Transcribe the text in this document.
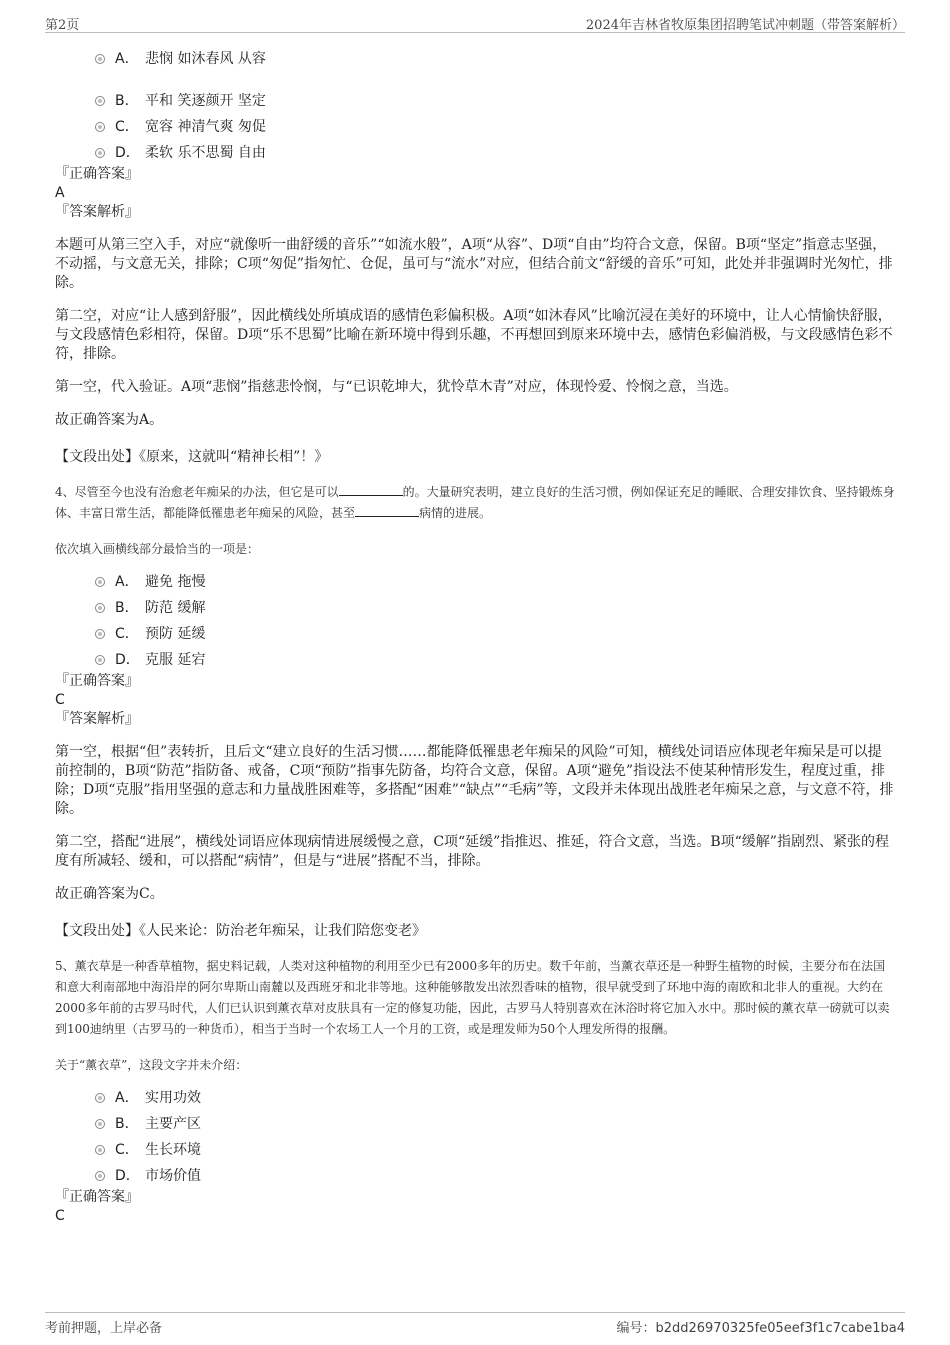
第2页	2024年吉林省牧原集团招聘笔试冲刺题（带答案解析）
A． 悲悯 如沐春风 从容
B． 平和 笑逐颜开 坚定
C． 宽容 神清气爽 匆促
D． 柔软 乐不思蜀 自由
『正确答案』
A
『答案解析』

本题可从第三空入手，对应“就像听一曲舒缓的音乐”“如流水般”，A项“从容”、D项“自由”均符合文意，保留。B项“坚定”指意志坚强，不动摇，与文意无关，排除；C项“匆促”指匆忙、仓促，虽可与“流水”对应，但结合前文“舒缓的音乐”可知，此处并非强调时光匆忙，排除。

第二空，对应“让人感到舒服”，因此横线处所填成语的感情色彩偏积极。A项“如沐春风”比喻沉浸在美好的环境中，让人心情愉快舒服，与文段感情色彩相符，保留。D项“乐不思蜀”比喻在新环境中得到乐趣，不再想回到原来环境中去，感情色彩偏消极，与文段感情色彩不符，排除。

第一空，代入验证。A项“悲悯”指慈悲怜悯，与“已识乾坤大，犹怜草木青”对应，体现怜爱、怜悯之意，当选。

故正确答案为A。

【文段出处】《原来，这就叫“精神长相”！》

4、尽管至今也没有治愈老年痴呆的办法，但它是可以	的。大量研究表明，建立良好的生活习惯，例如保证充足的睡眠、合理安排饮食、坚持锻炼身体、丰富日常生活，都能降低罹患老年痴呆的风险，甚至	病情的进展。

依次填入画横线部分最恰当的一项是：

A． 避免 拖慢
B． 防范 缓解
C． 预防 延缓
D． 克服 延宕
『正确答案』
C
『答案解析』

第一空，根据“但”表转折，且后文“建立良好的生活习惯……都能降低罹患老年痴呆的风险”可知，横线处词语应体现老年痴呆是可以提前控制的，B项“防范”指防备、戒备，C项“预防”指事先防备，均符合文意，保留。A项“避免”指设法不使某种情形发生，程度过重，排除；D项“克服”指用坚强的意志和力量战胜困难等，多搭配“困难”“缺点”“毛病”等，文段并未体现出战胜老年痴呆之意，与文意不符，排除。

第二空，搭配“进展”，横线处词语应体现病情进展缓慢之意，C项“延缓”指推迟、推延，符合文意，当选。B项“缓解”指剧烈、紧张的程度有所减轻、缓和，可以搭配“病情”，但是与“进展”搭配不当，排除。

故正确答案为C。

【文段出处】《人民来论：防治老年痴呆，让我们陪您变老》

5、薰衣草是一种香草植物，据史料记载，人类对这种植物的利用至少已有2000多年的历史。数千年前，当薰衣草还是一种野生植物的时候，主要分布在法国和意大利南部地中海沿岸的阿尔卑斯山南麓以及西班牙和北非等地。这种能够散发出浓烈香味的植物，很早就受到了环地中海的南欧和北非人的重视。大约在2000多年前的古罗马时代，人们已认识到薰衣草对皮肤具有一定的修复功能，因此，古罗马人特别喜欢在沐浴时将它加入水中。那时候的薰衣草一磅就可以卖到100迪纳里（古罗马的一种货币），相当于当时一个农场工人一个月的工资，或是理发师为50个人理发所得的报酬。

关于“薰衣草”，这段文字并未介绍：

A． 实用功效
B． 主要产区
C． 生长环境
D． 市场价值
『正确答案』
C
考前押题，上岸必备	编号：b2dd26970325fe05eef3f1c7cabe1ba4
